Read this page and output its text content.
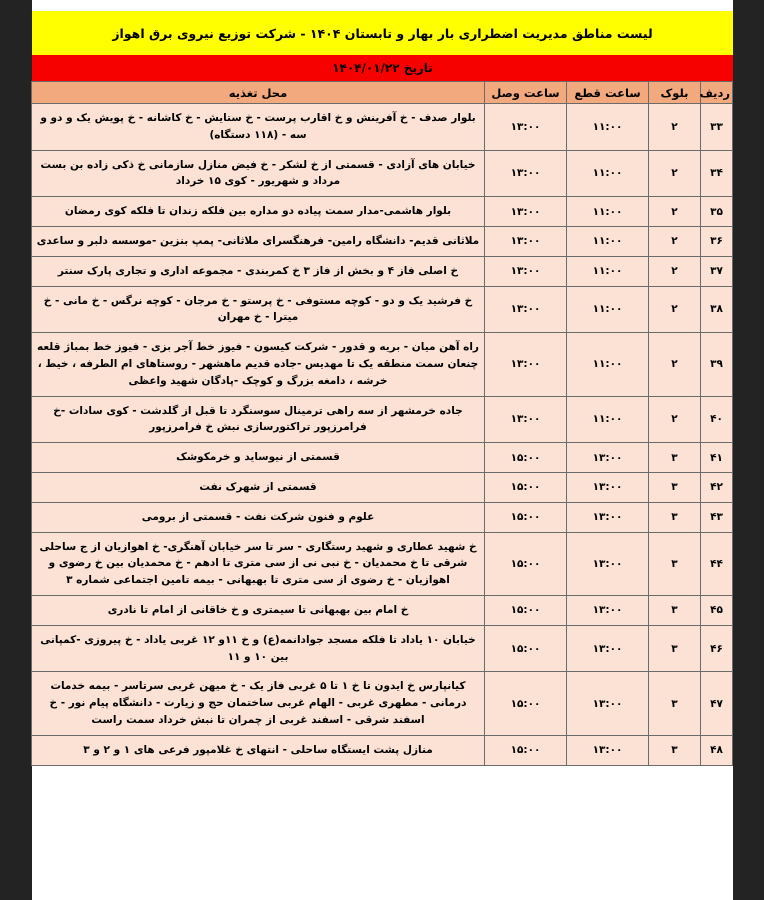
لیست مناطق مدیریت اضطراری بار بهار و تابستان ۱۴۰۴ - شرکت توزیع نیروی برق اهواز
تاریخ ۱۴۰۴/۰۱/۲۲
ردیف	بلوک	ساعت قطع	ساعت وصل	محل تغذیه
۳۳	۲	۱۱:۰۰	۱۳:۰۰	بلوار صدف - خ آفرینش و خ اقارب پرست - خ ستایش - خ کاشانه - خ پویش یک و دو و سه - (۱۱۸ دستگاه)
۳۴	۲	۱۱:۰۰	۱۳:۰۰	خیابان های آزادی - قسمتی از خ لشکر - خ فیض منازل سازمانی خ ذکی زاده بن بست مرداد و شهریور - کوی ۱۵ خرداد
۳۵	۲	۱۱:۰۰	۱۳:۰۰	بلوار هاشمی-مدار سمت پیاده دو مداره بین فلکه زندان تا فلکه کوی رمضان
۳۶	۲	۱۱:۰۰	۱۳:۰۰	ملاثانی قدیم- دانشگاه رامین- فرهنگسرای ملاثانی- پمپ بنزین -موسسه دلبر و ساعدی
۳۷	۲	۱۱:۰۰	۱۳:۰۰	خ اصلی فاز ۴ و بخش از فاز ۳ خ کمربندی - مجموعه اداری و تجاری پارک سنتر
۳۸	۲	۱۱:۰۰	۱۳:۰۰	خ فرشید یک و دو - کوچه مستوفی - خ پرستو - خ مرجان - کوچه نرگس - خ مانی - خ میترا - خ مهران
۳۹	۲	۱۱:۰۰	۱۳:۰۰	راه آهن میان - بریه و قدور - شرکت کیسون - فیوز خط آجر بزی - فیوز خط بمباژ قلعه چنعان سمت منطقه یک تا مهدیس -جاده قدیم ماهشهر - روستاهای ام الطرفه ، خیط ، خرشه ، دامغه بزرگ و کوچک -پادگان شهید واعظی
۴۰	۲	۱۱:۰۰	۱۳:۰۰	جاده خرمشهر از سه راهی ترمینال سوسنگرد تا قبل از گلدشت - کوی سادات -خ فرامرزپور تراکتورسازی نبش خ فرامرزپور
۴۱	۳	۱۳:۰۰	۱۵:۰۰	قسمتی از نیوساید و خرمکوشک
۴۲	۳	۱۳:۰۰	۱۵:۰۰	قسمتی از شهرک نفت
۴۳	۳	۱۳:۰۰	۱۵:۰۰	علوم و فنون شرکت نفت - قسمتی از برومی
۴۴	۳	۱۳:۰۰	۱۵:۰۰	خ شهید عطاری و شهید رستگاری - سر تا سر خیابان آهنگری- خ اهوازیان از ج ساحلی شرقی تا خ محمدیان - خ نبی نی از سی متری تا ادهم - خ محمدیان بین خ رضوی و اهوازیان - خ رضوی از سی متری تا بهبهانی - بیمه تامین اجتماعی شماره ۳
۴۵	۳	۱۳:۰۰	۱۵:۰۰	خ امام بین بهبهانی تا سیمتری و خ خاقانی از امام تا نادری
۴۶	۳	۱۳:۰۰	۱۵:۰۰	خیابان ۱۰ یاداد تا فلکه مسجد جوادانمه(ع) و خ ۱۱و ۱۲ غربی یاداد - خ پیروزی -کمپانی بین ۱۰ و ۱۱
۴۷	۳	۱۳:۰۰	۱۵:۰۰	کیانپارس خ ایدون تا خ ۱ تا ۵ غربی فاز یک - خ میهن غربی سرتاسر - بیمه خدمات درمانی - مطهری غربی - الهام غربی ساختمان حج و زیارت - دانشگاه پیام نور - خ اسفند شرقی - اسفند غربی از چمران تا نبش خرداد سمت راست
۴۸	۳	۱۳:۰۰	۱۵:۰۰	منازل پشت ایستگاه ساحلی - انتهای خ غلامپور فرعی های ۱ و ۲ و ۳
